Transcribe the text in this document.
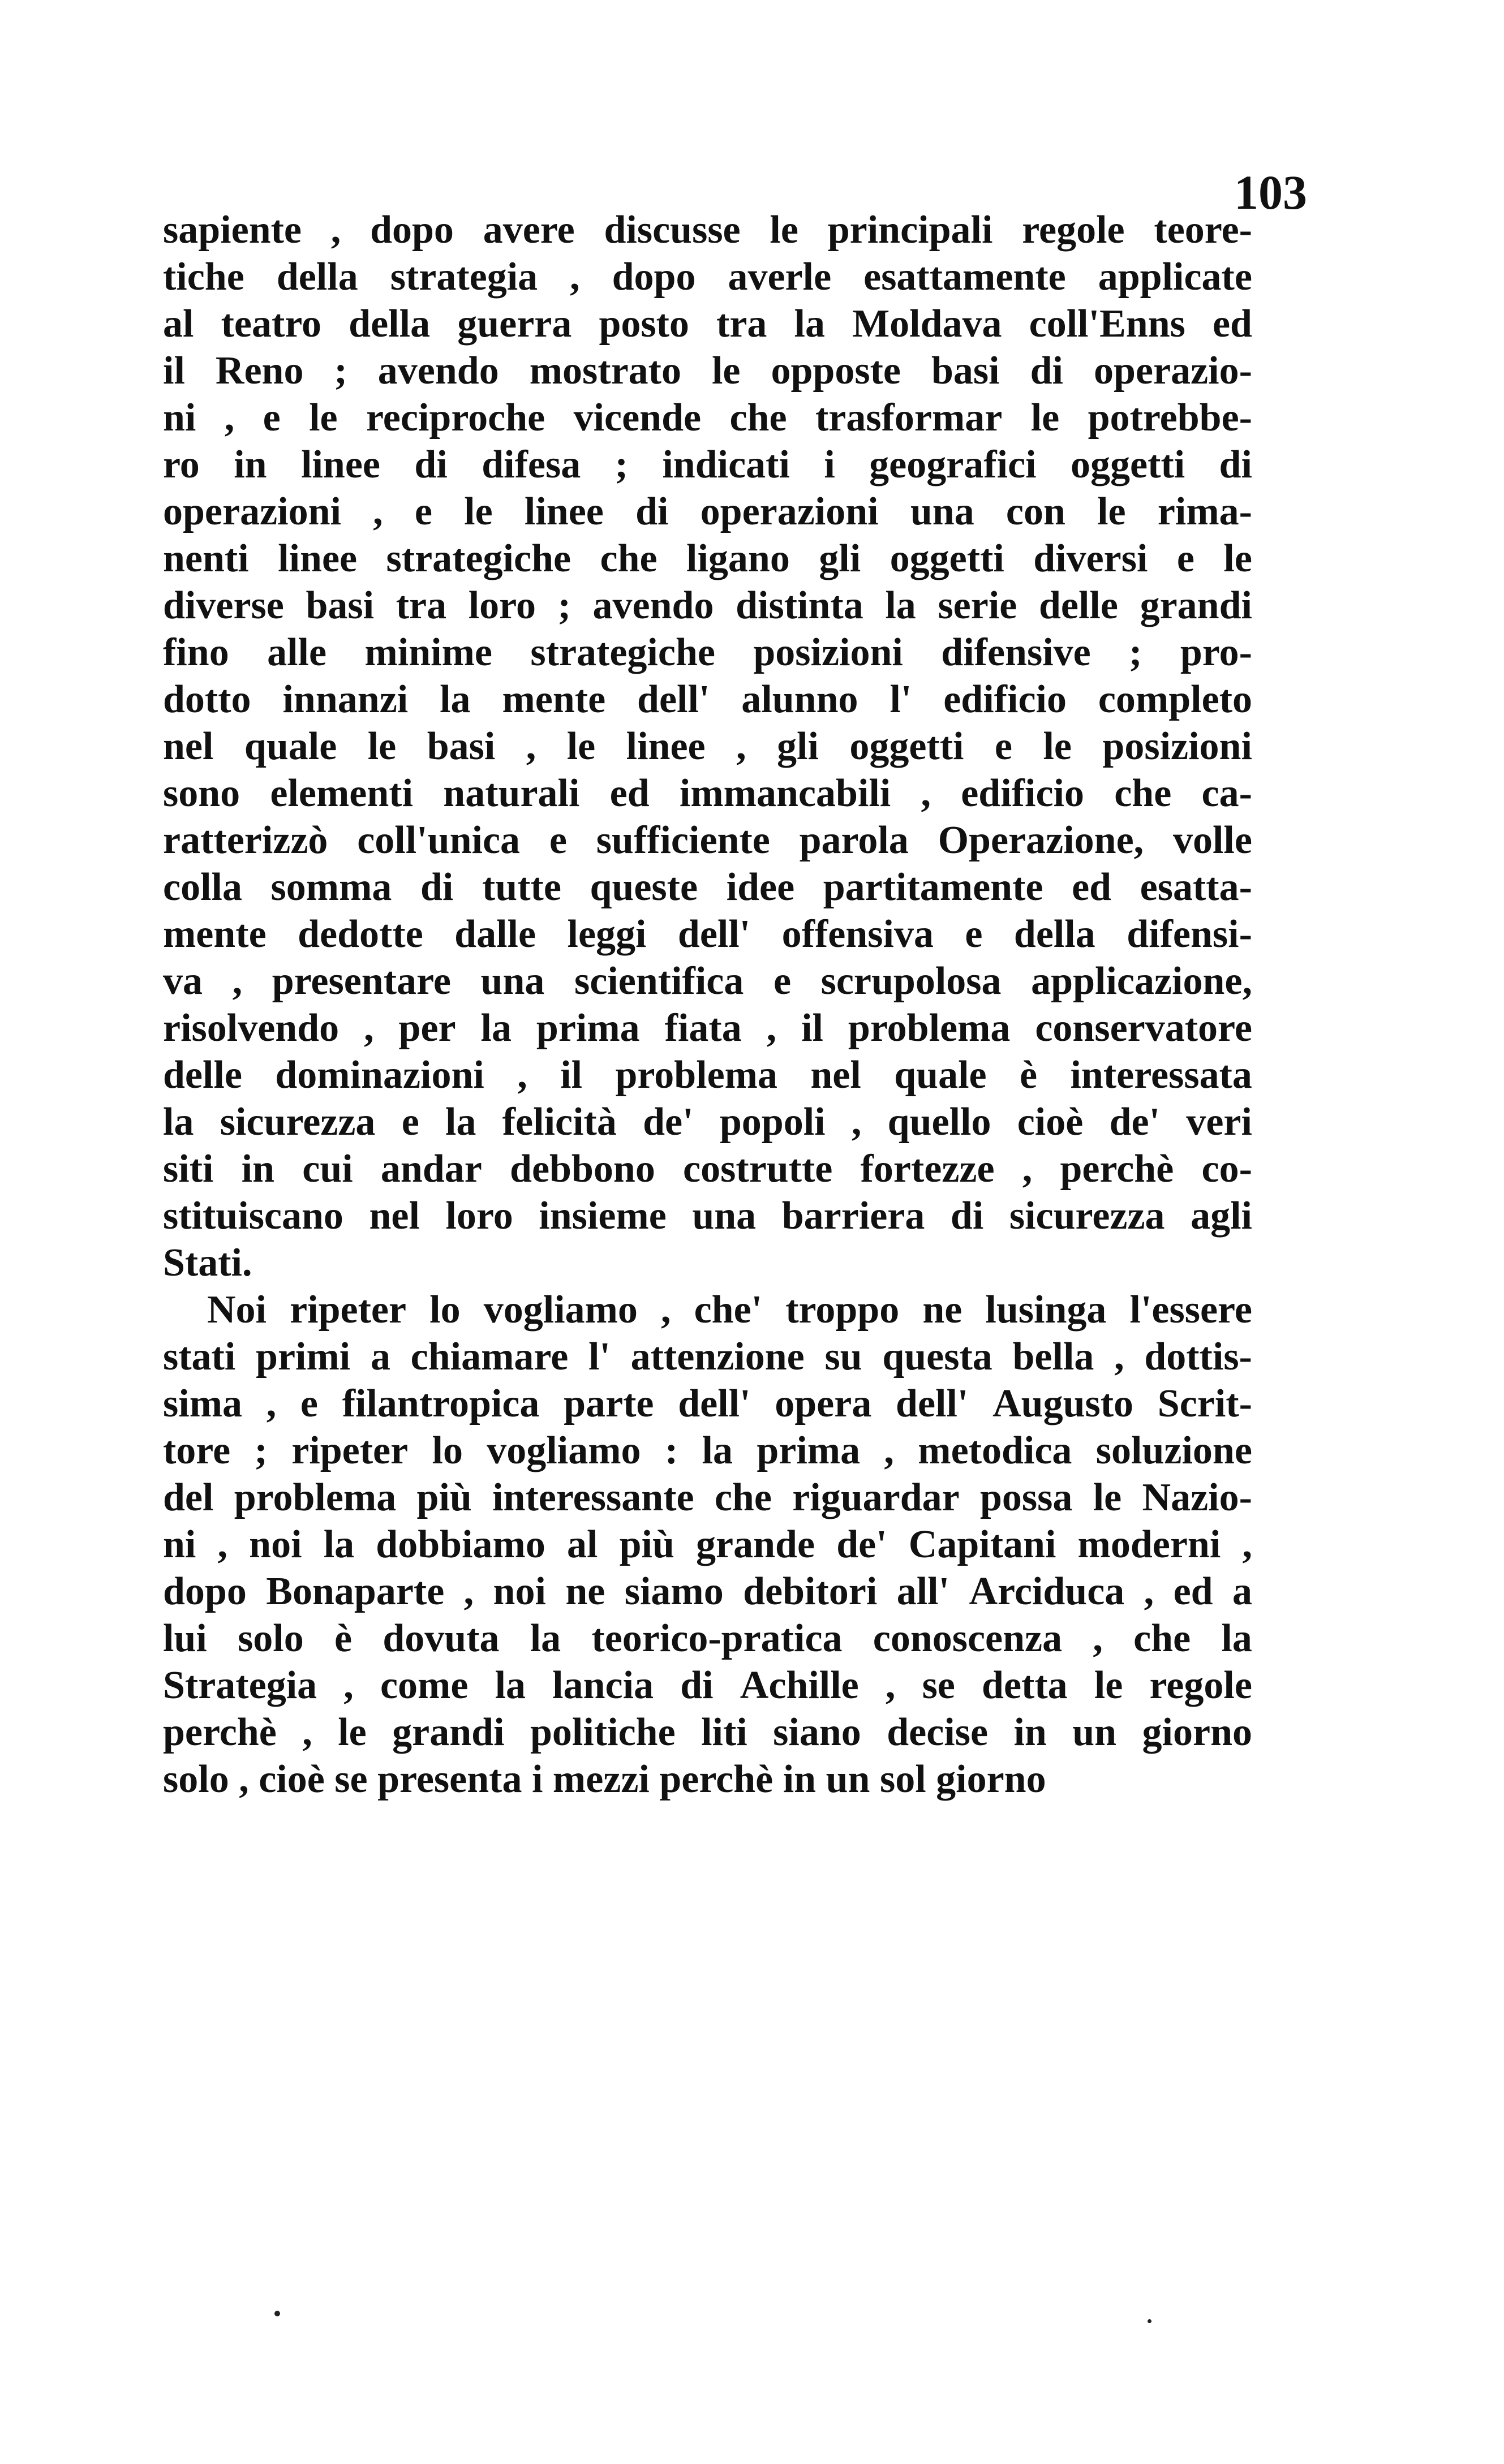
103
sapiente , dopo avere discusse le principali regole teore-
tiche della strategia , dopo averle esattamente applicate
al teatro della guerra posto tra la Moldava coll'Enns ed
il Reno ; avendo mostrato le opposte basi di operazio-
ni , e le reciproche vicende che trasformar le potrebbe-
ro in linee di difesa ; indicati i geografici oggetti di
operazioni , e le linee di operazioni una con le rima-
nenti linee strategiche che ligano gli oggetti diversi e le
diverse basi tra loro ; avendo distinta la serie delle grandi
fino alle minime strategiche posizioni difensive ; pro-
dotto innanzi la mente dell' alunno l' edificio completo
nel quale le basi , le linee , gli oggetti e le posizioni
sono elementi naturali ed immancabili , edificio che ca-
ratterizzò coll'unica e sufficiente parola Operazione, volle
colla somma di tutte queste idee partitamente ed esatta-
mente dedotte dalle leggi dell' offensiva e della difensi-
va , presentare una scientifica e scrupolosa applicazione,
risolvendo , per la prima fiata , il problema conservatore
delle dominazioni , il problema nel quale è interessata
la sicurezza e la felicità de' popoli , quello cioè de' veri
siti in cui andar debbono costrutte fortezze , perchè co-
stituiscano nel loro insieme una barriera di sicurezza agli
Stati.
Noi ripeter lo vogliamo , che' troppo ne lusinga l'essere
stati primi a chiamare l' attenzione su questa bella , dottis-
sima , e filantropica parte dell' opera dell' Augusto Scrit-
tore ; ripeter lo vogliamo : la prima , metodica soluzione
del problema più interessante che riguardar possa le Nazio-
ni , noi la dobbiamo al più grande de' Capitani moderni ,
dopo Bonaparte , noi ne siamo debitori all' Arciduca , ed a
lui solo è dovuta la teorico-pratica conoscenza , che la
Strategia , come la lancia di Achille , se detta le regole
perchè , le grandi politiche liti siano decise in un giorno
solo , cioè se presenta i mezzi perchè in un sol giorno
